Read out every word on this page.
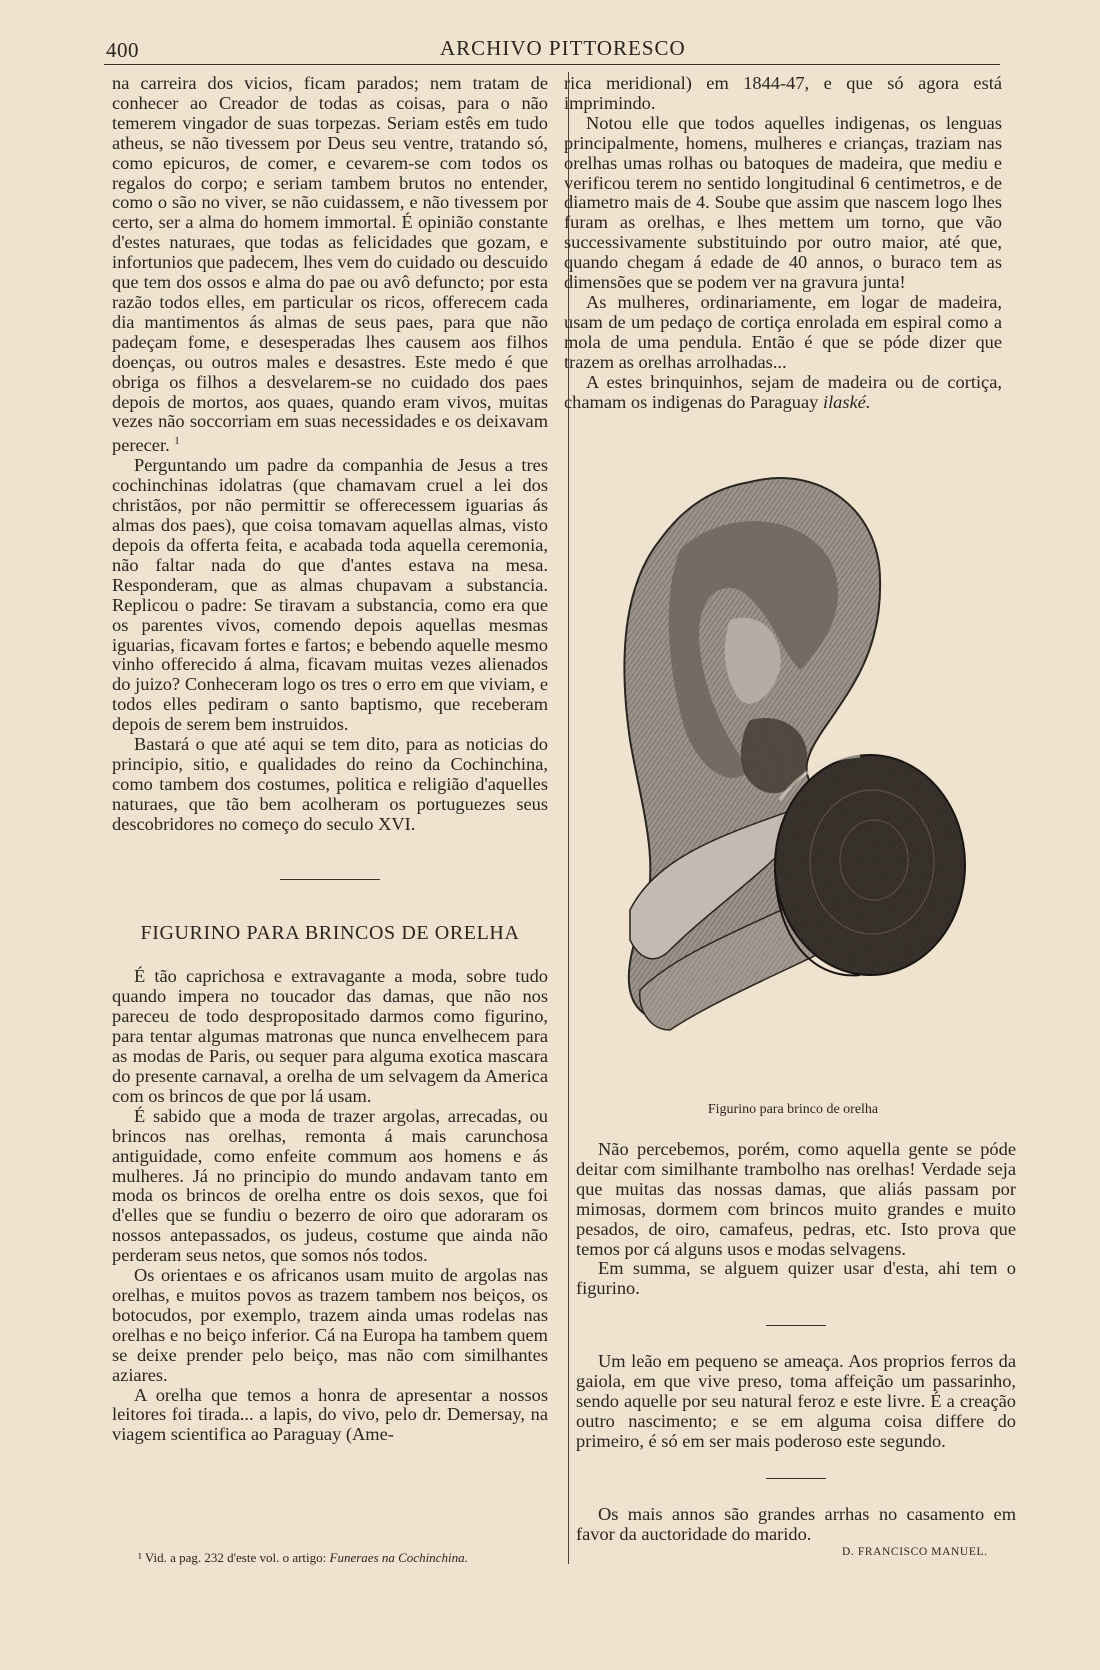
400	ARCHIVO PITTORESCO

na carreira dos vicios, ficam parados; nem tratam de conhecer ao Creador de todas as coisas, para o não temerem vingador de suas torpezas. Seriam estês em tudo atheus, se não tivessem por Deus seu ventre, tratando só, como epicuros, de comer, e cevarem-se com todos os regalos do corpo; e seriam tambem brutos no entender, como o são no viver, se não cuidassem, e não tivessem por certo, ser a alma do homem immortal. É opinião constante d'estes naturaes, que todas as felicidades que gozam, e infortunios que padecem, lhes vem do cuidado ou descuido que tem dos ossos e alma do pae ou avô defuncto; por esta razão todos elles, em particular os ricos, offerecem cada dia mantimentos ás almas de seus paes, para que não padeçam fome, e desesperadas lhes causem aos filhos doenças, ou outros males e desastres. Este medo é que obriga os filhos a desvelarem-se no cuidado dos paes depois de mortos, aos quaes, quando eram vivos, muitas vezes não soccorriam em suas necessidades e os deixavam perecer. $^1$

Perguntando um padre da companhia de Jesus a tres cochinchinas idolatras (que chamavam cruel a lei dos christãos, por não permittir se offerecessem iguarias ás almas dos paes), que coisa tomavam aquellas almas, visto depois da offerta feita, e acabada toda aquella ceremonia, não faltar nada do que d'antes estava na mesa. Responderam, que as almas chupavam a substancia. Replicou o padre: Se tiravam a substancia, como era que os parentes vivos, comendo depois aquellas mesmas iguarias, ficavam fortes e fartos; e bebendo aquelle mesmo vinho offerecido á alma, ficavam muitas vezes alienados do juizo? Conheceram logo os tres o erro em que viviam, e todos elles pediram o santo baptismo, que receberam depois de serem bem instruidos.

Bastará o que até aqui se tem dito, para as noticias do principio, sitio, e qualidades do reino da Cochinchina, como tambem dos costumes, politica e religião d'aquelles naturaes, que tão bem acolheram os portuguezes seus descobridores no começo do seculo XVI.

FIGURINO PARA BRINCOS DE ORELHA

É tão caprichosa e extravagante a moda, sobre tudo quando impera no toucador das damas, que não nos pareceu de todo despropositado darmos como figurino, para tentar algumas matronas que nunca envelhecem para as modas de Paris, ou sequer para alguma exotica mascara do presente carnaval, a orelha de um selvagem da America com os brincos de que por lá usam.

É sabido que a moda de trazer argolas, arrecadas, ou brincos nas orelhas, remonta á mais carunchosa antiguidade, como enfeite commum aos homens e ás mulheres. Já no principio do mundo andavam tanto em moda os brincos de orelha entre os dois sexos, que foi d'elles que se fundiu o bezerro de oiro que adoraram os nossos antepassados, os judeus, costume que ainda não perderam seus netos, que somos nós todos.

Os orientaes e os africanos usam muito de argolas nas orelhas, e muitos povos as trazem tambem nos beiços, os botocudos, por exemplo, trazem ainda umas rodelas nas orelhas e no beiço inferior. Cá na Europa ha tambem quem se deixe prender pelo beiço, mas não com similhantes aziares.

A orelha que temos a honra de apresentar a nossos leitores foi tirada... a lapis, do vivo, pelo dr. Demersay, na viagem scientifica ao Paraguay (Ame-

¹ Vid. a pag. 232 d'este vol. o artigo: Funeraes na Cochinchina.

rica meridional) em 1844-47, e que só agora está imprimindo.

Notou elle que todos aquelles indigenas, os lenguas principalmente, homens, mulheres e crianças, traziam nas orelhas umas rolhas ou batoques de madeira, que mediu e verificou terem no sentido longitudinal 6 centimetros, e de diametro mais de 4. Soube que assim que nascem logo lhes furam as orelhas, e lhes mettem um torno, que vão successivamente substituindo por outro maior, até que, quando chegam á edade de 40 annos, o buraco tem as dimensões que se podem ver na gravura junta!

As mulheres, ordinariamente, em logar de madeira, usam de um pedaço de cortiça enrolada em espiral como a mola de uma pendula. Então é que se póde dizer que trazem as orelhas arrolhadas...

A estes brinquinhos, sejam de madeira ou de cortiça, chamam os indigenas do Paraguay ilaské.

Figurino para brinco de orelha

Não percebemos, porém, como aquella gente se póde deitar com similhante trambolho nas orelhas! Verdade seja que muitas das nossas damas, que aliás passam por mimosas, dormem com brincos muito grandes e muito pesados, de oiro, camafeus, pedras, etc. Isto prova que temos por cá alguns usos e modas selvagens.

Em summa, se alguem quizer usar d'esta, ahi tem o figurino.

Um leão em pequeno se ameaça. Aos proprios ferros da gaiola, em que vive preso, toma affeição um passarinho, sendo aquelle por seu natural feroz e este livre. É a creação outro nascimento; e se em alguma coisa differe do primeiro, é só em ser mais poderoso este segundo.

Os mais annos são grandes arrhas no casamento em favor da auctoridade do marido.

D. FRANCISCO MANUEL.
